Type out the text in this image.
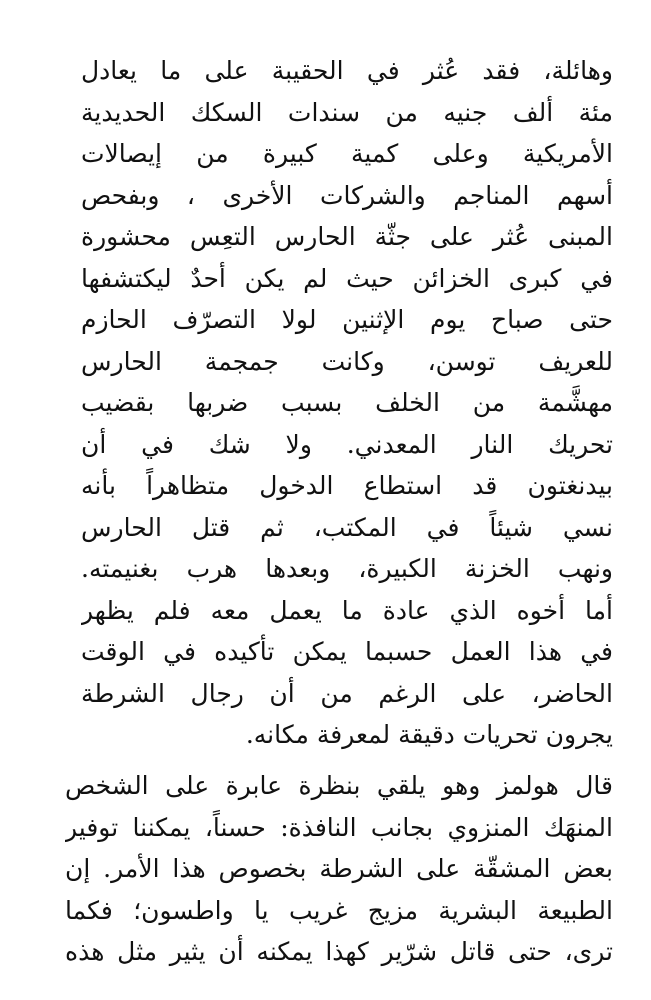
وهائلة، فقد عُثر في الحقيبة على ما يعادل
مئة ألف جنيه من سندات السكك الحديدية
الأمريكية وعلى كمية كبيرة من إيصالات
أسهم المناجم والشركات الأخرى ، وبفحص
المبنى عُثر على جثّة الحارس التعِس محشورة
في كبرى الخزائن حيث لم يكن أحدٌ ليكتشفها
حتى صباح يوم الإثنين لولا التصرّف الحازم
للعريف توسن، وكانت جمجمة الحارس
مهشَّمة من الخلف بسبب ضربها بقضيب
تحريك النار المعدني. ولا شك في أن
بيدنغتون قد استطاع الدخول متظاهراً بأنه
نسي شيئاً في المكتب، ثم قتل الحارس
ونهب الخزنة الكبيرة، وبعدها هرب بغنيمته.
أما أخوه الذي عادة ما يعمل معه فلم يظهر
في هذا العمل حسبما يمكن تأكيده في الوقت
الحاضر، على الرغم من أن رجال الشرطة
يجرون تحريات دقيقة لمعرفة مكانه.
قال هولمز وهو يلقي بنظرة عابرة على الشخص
المنهَك المنزوي بجانب النافذة: حسناً، يمكننا توفير
بعض المشقّة على الشرطة بخصوص هذا الأمر. إن
الطبيعة البشرية مزيج غريب يا واطسون؛ فكما
ترى، حتى قاتل شرّير كهذا يمكنه أن يثير مثل هذه
